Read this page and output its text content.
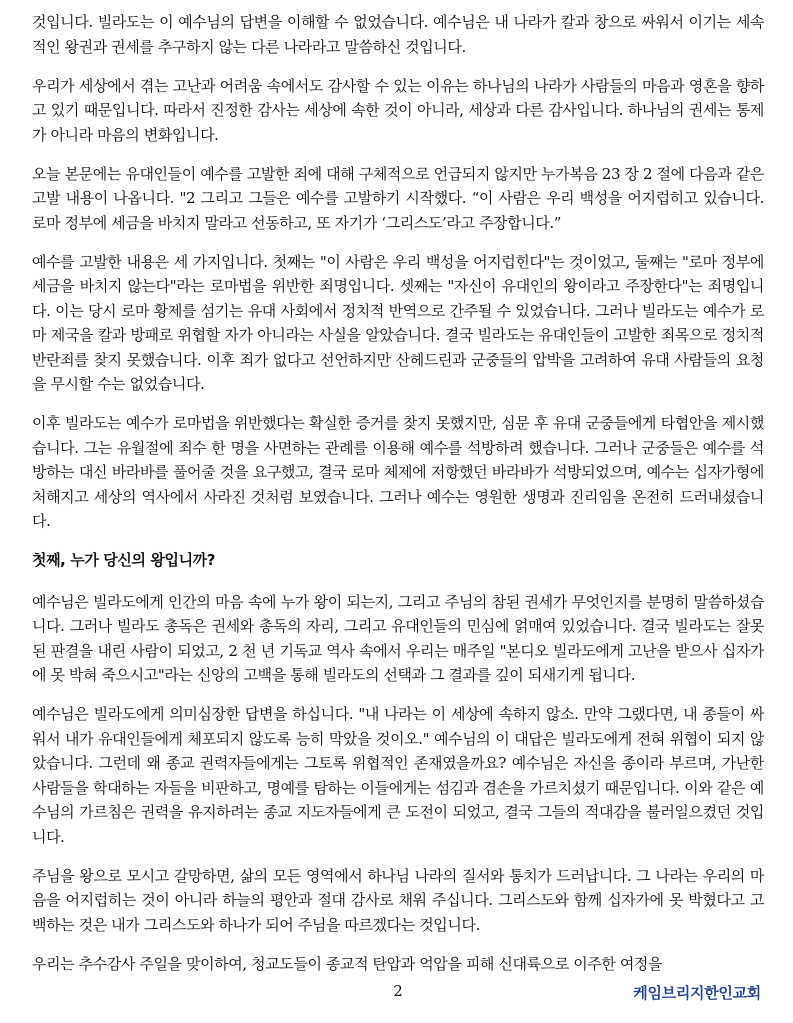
것입니다. 빌라도는 이 예수님의 답변을 이해할 수 없었습니다. 예수님은 내 나라가 칼과 창으로 싸워서 이기는 세속적인 왕권과 권세를 추구하지 않는 다른 나라라고 말씀하신 것입니다.

우리가 세상에서 겪는 고난과 어려움 속에서도 감사할 수 있는 이유는 하나님의 나라가 사람들의 마음과 영혼을 향하고 있기 때문입니다. 따라서 진정한 감사는 세상에 속한 것이 아니라, 세상과 다른 감사입니다. 하나님의 권세는 통제가 아니라 마음의 변화입니다.

오늘 본문에는 유대인들이 예수를 고발한 죄에 대해 구체적으로 언급되지 않지만 누가복음 23 장 2 절에 다음과 같은 고발 내용이 나옵니다. "2 그리고 그들은 예수를 고발하기 시작했다. “이 사람은 우리 백성을 어지럽히고 있습니다. 로마 정부에 세금을 바치지 말라고 선동하고, 또 자기가 ‘그리스도’라고 주장합니다.”

예수를 고발한 내용은 세 가지입니다. 첫째는 "이 사람은 우리 백성을 어지럽힌다"는 것이었고, 둘째는 "로마 정부에 세금을 바치지 않는다"라는 로마법을 위반한 죄명입니다. 셋째는 "자신이 유대인의 왕이라고 주장한다"는 죄명입니다. 이는 당시 로마 황제를 섬기는 유대 사회에서 정치적 반역으로 간주될 수 있었습니다. 그러나 빌라도는 예수가 로마 제국을 칼과 방패로 위협할 자가 아니라는 사실을 알았습니다. 결국 빌라도는 유대인들이 고발한 죄목으로 정치적 반란죄를 찾지 못했습니다. 이후 죄가 없다고 선언하지만 산헤드린과 군중들의 압박을 고려하여 유대 사람들의 요청을 무시할 수는 없었습니다.

이후 빌라도는 예수가 로마법을 위반했다는 확실한 증거를 찾지 못했지만, 심문 후 유대 군중들에게 타협안을 제시했습니다. 그는 유월절에 죄수 한 명을 사면하는 관례를 이용해 예수를 석방하려 했습니다. 그러나 군중들은 예수를 석방하는 대신 바라바를 풀어줄 것을 요구했고, 결국 로마 체제에 저항했던 바라바가 석방되었으며, 예수는 십자가형에 처해지고 세상의 역사에서 사라진 것처럼 보였습니다. 그러나 예수는 영원한 생명과 진리임을 온전히 드러내셨습니다.

첫째, 누가 당신의 왕입니까?

예수님은 빌라도에게 인간의 마음 속에 누가 왕이 되는지, 그리고 주님의 참된 권세가 무엇인지를 분명히 말씀하셨습니다. 그러나 빌라도 총독은 권세와 총독의 자리, 그리고 유대인들의 민심에 얽매여 있었습니다. 결국 빌라도는 잘못된 판결을 내린 사람이 되었고, 2 천 년 기독교 역사 속에서 우리는 매주일 "본디오 빌라도에게 고난을 받으사 십자가에 못 박혀 죽으시고"라는 신앙의 고백을 통해 빌라도의 선택과 그 결과를 깊이 되새기게 됩니다.

예수님은 빌라도에게 의미심장한 답변을 하십니다. "내 나라는 이 세상에 속하지 않소. 만약 그랬다면, 내 종들이 싸워서 내가 유대인들에게 체포되지 않도록 능히 막았을 것이오." 예수님의 이 대답은 빌라도에게 전혀 위협이 되지 않았습니다. 그런데 왜 종교 권력자들에게는 그토록 위협적인 존재였을까요? 예수님은 자신을 종이라 부르며, 가난한 사람들을 학대하는 자들을 비판하고, 명예를 탐하는 이들에게는 섬김과 겸손을 가르치셨기 때문입니다. 이와 같은 예수님의 가르침은 권력을 유지하려는 종교 지도자들에게 큰 도전이 되었고, 결국 그들의 적대감을 불러일으켰던 것입니다.

주님을 왕으로 모시고 갈망하면, 삶의 모든 영역에서 하나님 나라의 질서와 통치가 드러납니다. 그 나라는 우리의 마음을 어지럽히는 것이 아니라 하늘의 평안과 절대 감사로 채워 주십니다. 그리스도와 함께 십자가에 못 박혔다고 고백하는 것은 내가 그리스도와 하나가 되어 주님을 따르겠다는 것입니다.

우리는 추수감사 주일을 맞이하여, 청교도들이 종교적 탄압과 억압을 피해 신대륙으로 이주한 여정을

2	케임브리지한인교회
